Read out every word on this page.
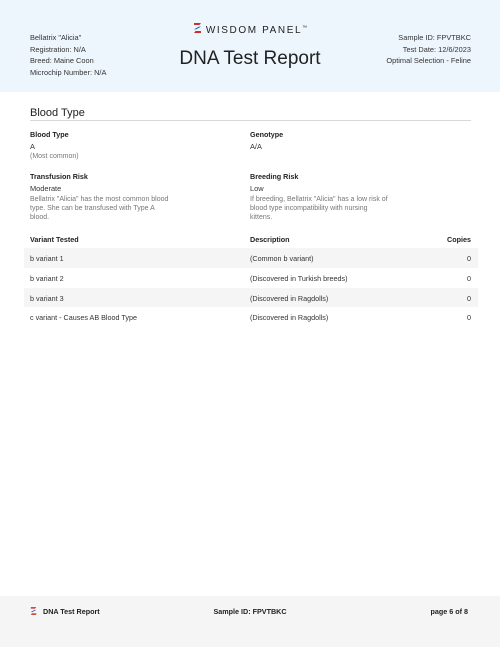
Bellatrix "Alicia"
Registration: N/A
Breed: Maine Coon
Microchip Number: N/A
WISDOM PANEL™
DNA Test Report
Sample ID: FPVTBKC
Test Date: 12/6/2023
Optimal Selection - Feline
Blood Type
Blood Type
A
(Most common)
Genotype
A/A
Transfusion Risk
Moderate
Bellatrix "Alicia" has the most common blood
type. She can be transfused with Type A
blood.
Breeding Risk
Low
If breeding, Bellatrix "Alicia" has a low risk of
blood type incompatibility with nursing
kittens.
Variant Tested	Description	Copies
b variant 1	(Common b variant)	0
b variant 2	(Discovered in Turkish breeds)	0
b variant 3	(Discovered in Ragdolls)	0
c variant - Causes AB Blood Type	(Discovered in Ragdolls)	0
DNA Test Report	Sample ID: FPVTBKC	page 6 of 8
